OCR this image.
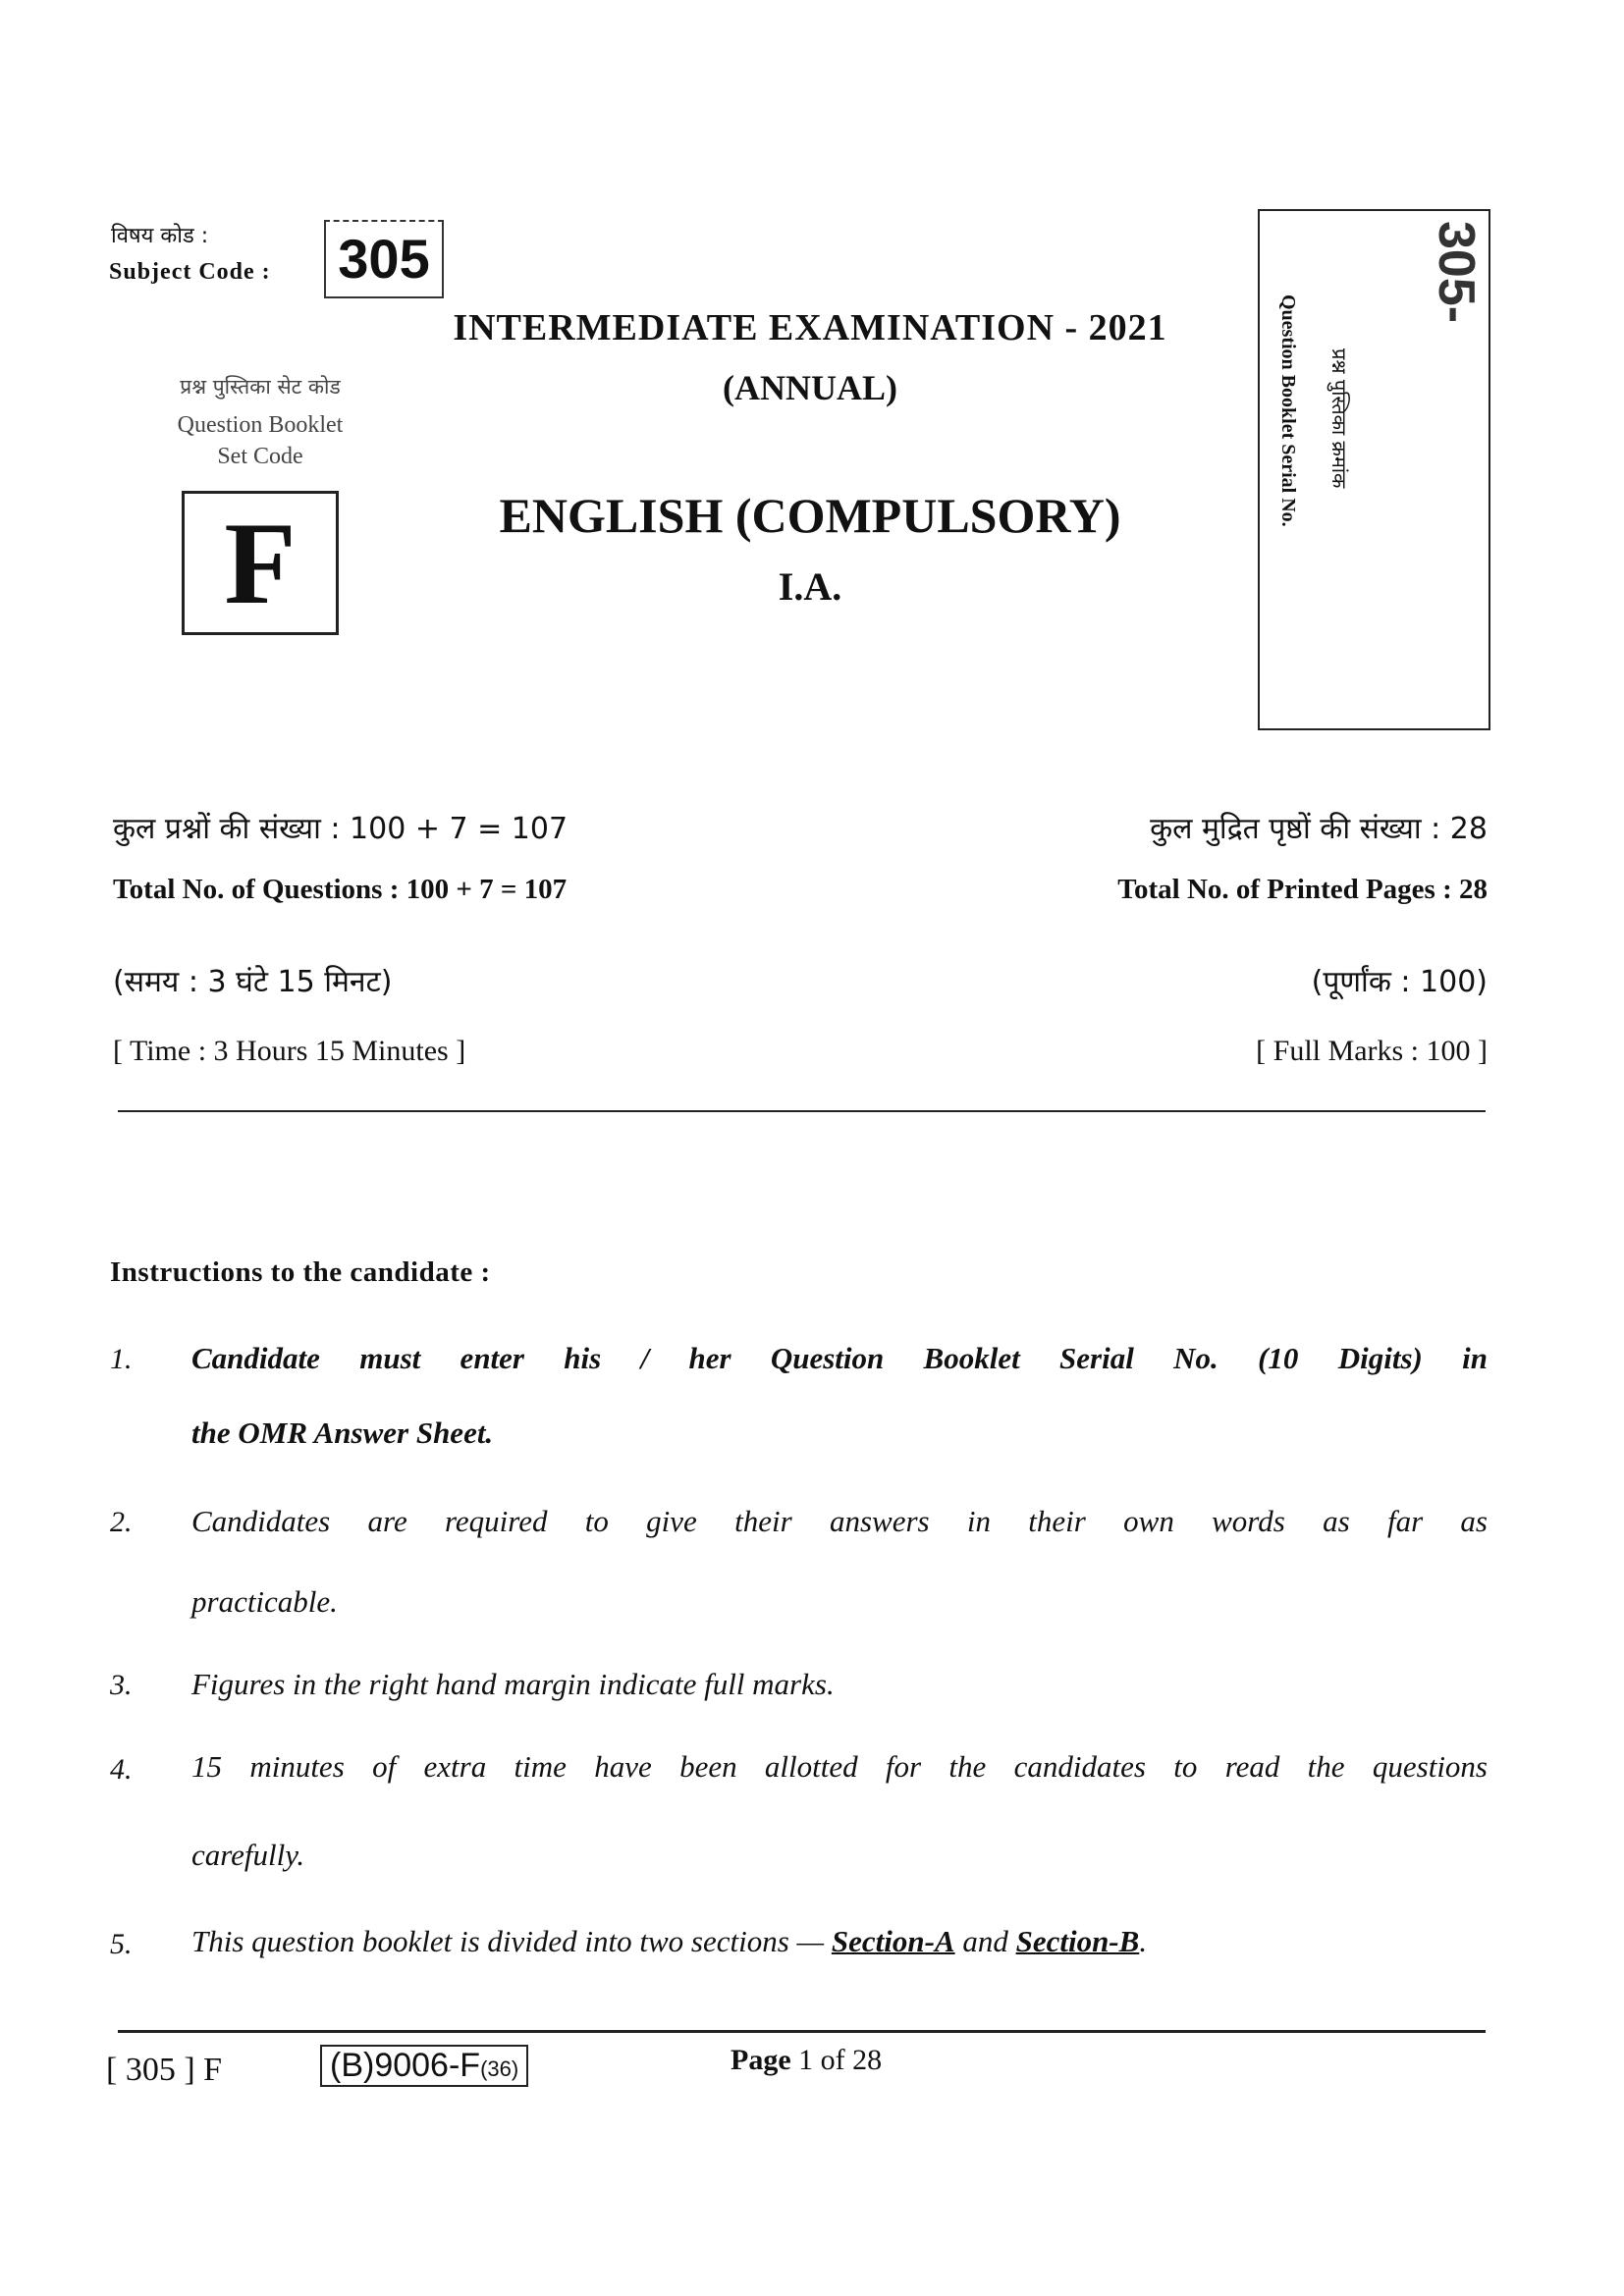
विषय कोड :
Subject Code : 305
INTERMEDIATE EXAMINATION - 2021
(ANNUAL)
ENGLISH (COMPULSORY)
I.A.
प्रश्न पुस्तिका सेट कोड
Question Booklet
Set Code
F
305-
प्रश्न पुस्तिका क्रमांक
Question Booklet Serial No.
कुल प्रश्नों की संख्या : 100 + 7 = 107	कुल मुद्रित पृष्ठों की संख्या : 28
Total No. of Questions : 100 + 7 = 107	Total No. of Printed Pages : 28
(समय : 3 घंटे 15 मिनट)	(पूर्णांक : 100)
[ Time : 3 Hours 15 Minutes ]	[ Full Marks : 100 ]
Instructions to the candidate :
1. Candidate must enter his / her Question Booklet Serial No. (10 Digits) in
the OMR Answer Sheet.
2. Candidates are required to give their answers in their own words as far as
practicable.
3. Figures in the right hand margin indicate full marks.
4. 15 minutes of extra time have been allotted for the candidates to read the questions
carefully.
5. This question booklet is divided into two sections — Section-A and Section-B.
[ 305 ] F	(B)9006-F(36)	Page 1 of 28
